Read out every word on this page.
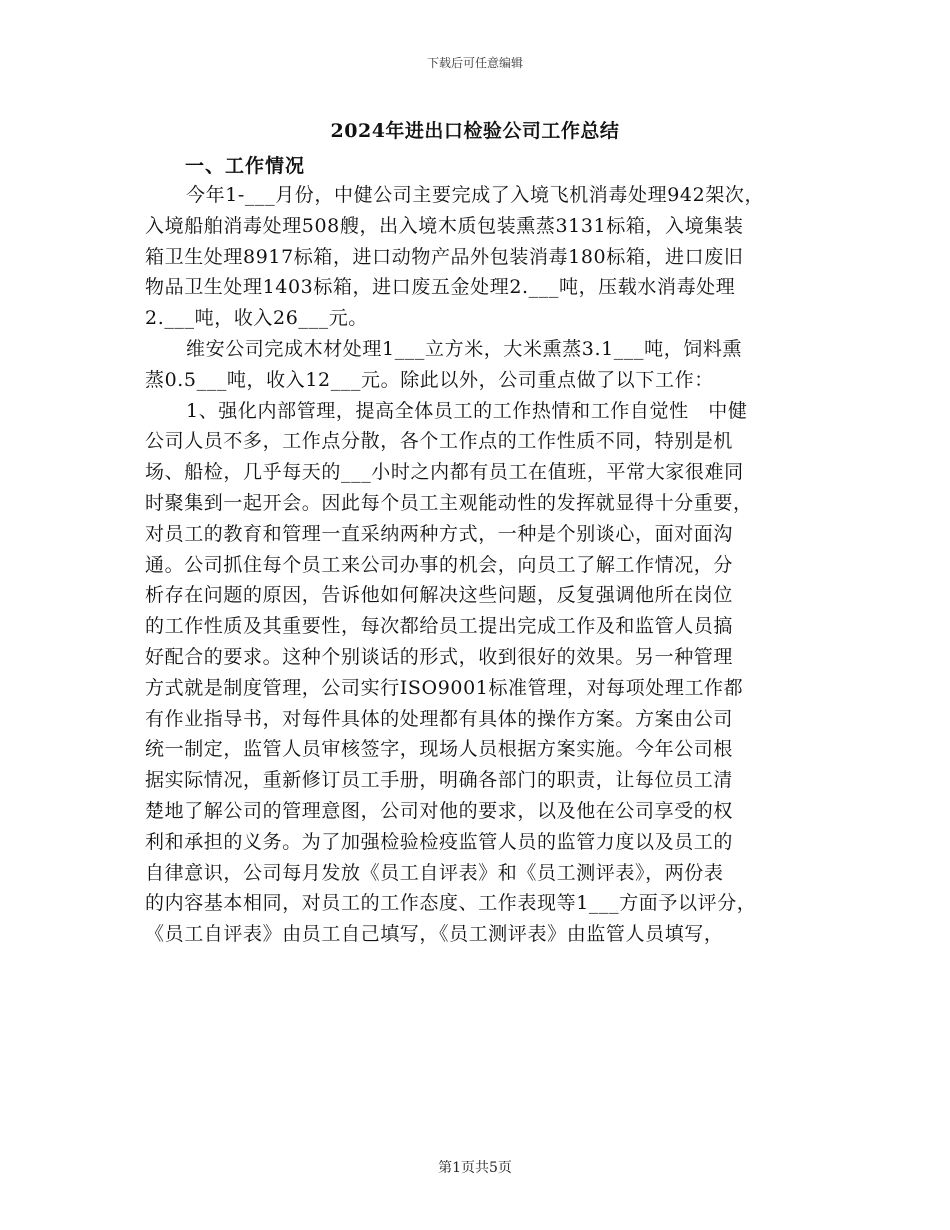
下载后可任意编辑
2024年进出口检验公司工作总结
一、工作情况
今年1-___月份，中健公司主要完成了入境飞机消毒处理942架次，
入境船舶消毒处理508艘，出入境木质包装熏蒸3131标箱，入境集装
箱卫生处理8917标箱，进口动物产品外包装消毒180标箱，进口废旧
物品卫生处理1403标箱，进口废五金处理2.___吨，压载水消毒处理
2.___吨，收入26___元。
维安公司完成木材处理1___立方米，大米熏蒸3.1___吨，饲料熏
蒸0.5___吨，收入12___元。除此以外，公司重点做了以下工作：
1、强化内部管理，提高全体员工的工作热情和工作自觉性　中健
公司人员不多，工作点分散，各个工作点的工作性质不同，特别是机
场、船检，几乎每天的___小时之内都有员工在值班，平常大家很难同
时聚集到一起开会。因此每个员工主观能动性的发挥就显得十分重要，
对员工的教育和管理一直采纳两种方式，一种是个别谈心，面对面沟
通。公司抓住每个员工来公司办事的机会，向员工了解工作情况，分
析存在问题的原因，告诉他如何解决这些问题，反复强调他所在岗位
的工作性质及其重要性，每次都给员工提出完成工作及和监管人员搞
好配合的要求。这种个别谈话的形式，收到很好的效果。另一种管理
方式就是制度管理，公司实行ISO9001标准管理，对每项处理工作都
有作业指导书，对每件具体的处理都有具体的操作方案。方案由公司
统一制定，监管人员审核签字，现场人员根据方案实施。今年公司根
据实际情况，重新修订员工手册，明确各部门的职责，让每位员工清
楚地了解公司的管理意图，公司对他的要求，以及他在公司享受的权
利和承担的义务。为了加强检验检疫监管人员的监管力度以及员工的
自律意识，公司每月发放《员工自评表》和《员工测评表》，两份表
的内容基本相同，对员工的工作态度、工作表现等1___方面予以评分，
《员工自评表》由员工自己填写，《员工测评表》由监管人员填写，
第1页共5页
